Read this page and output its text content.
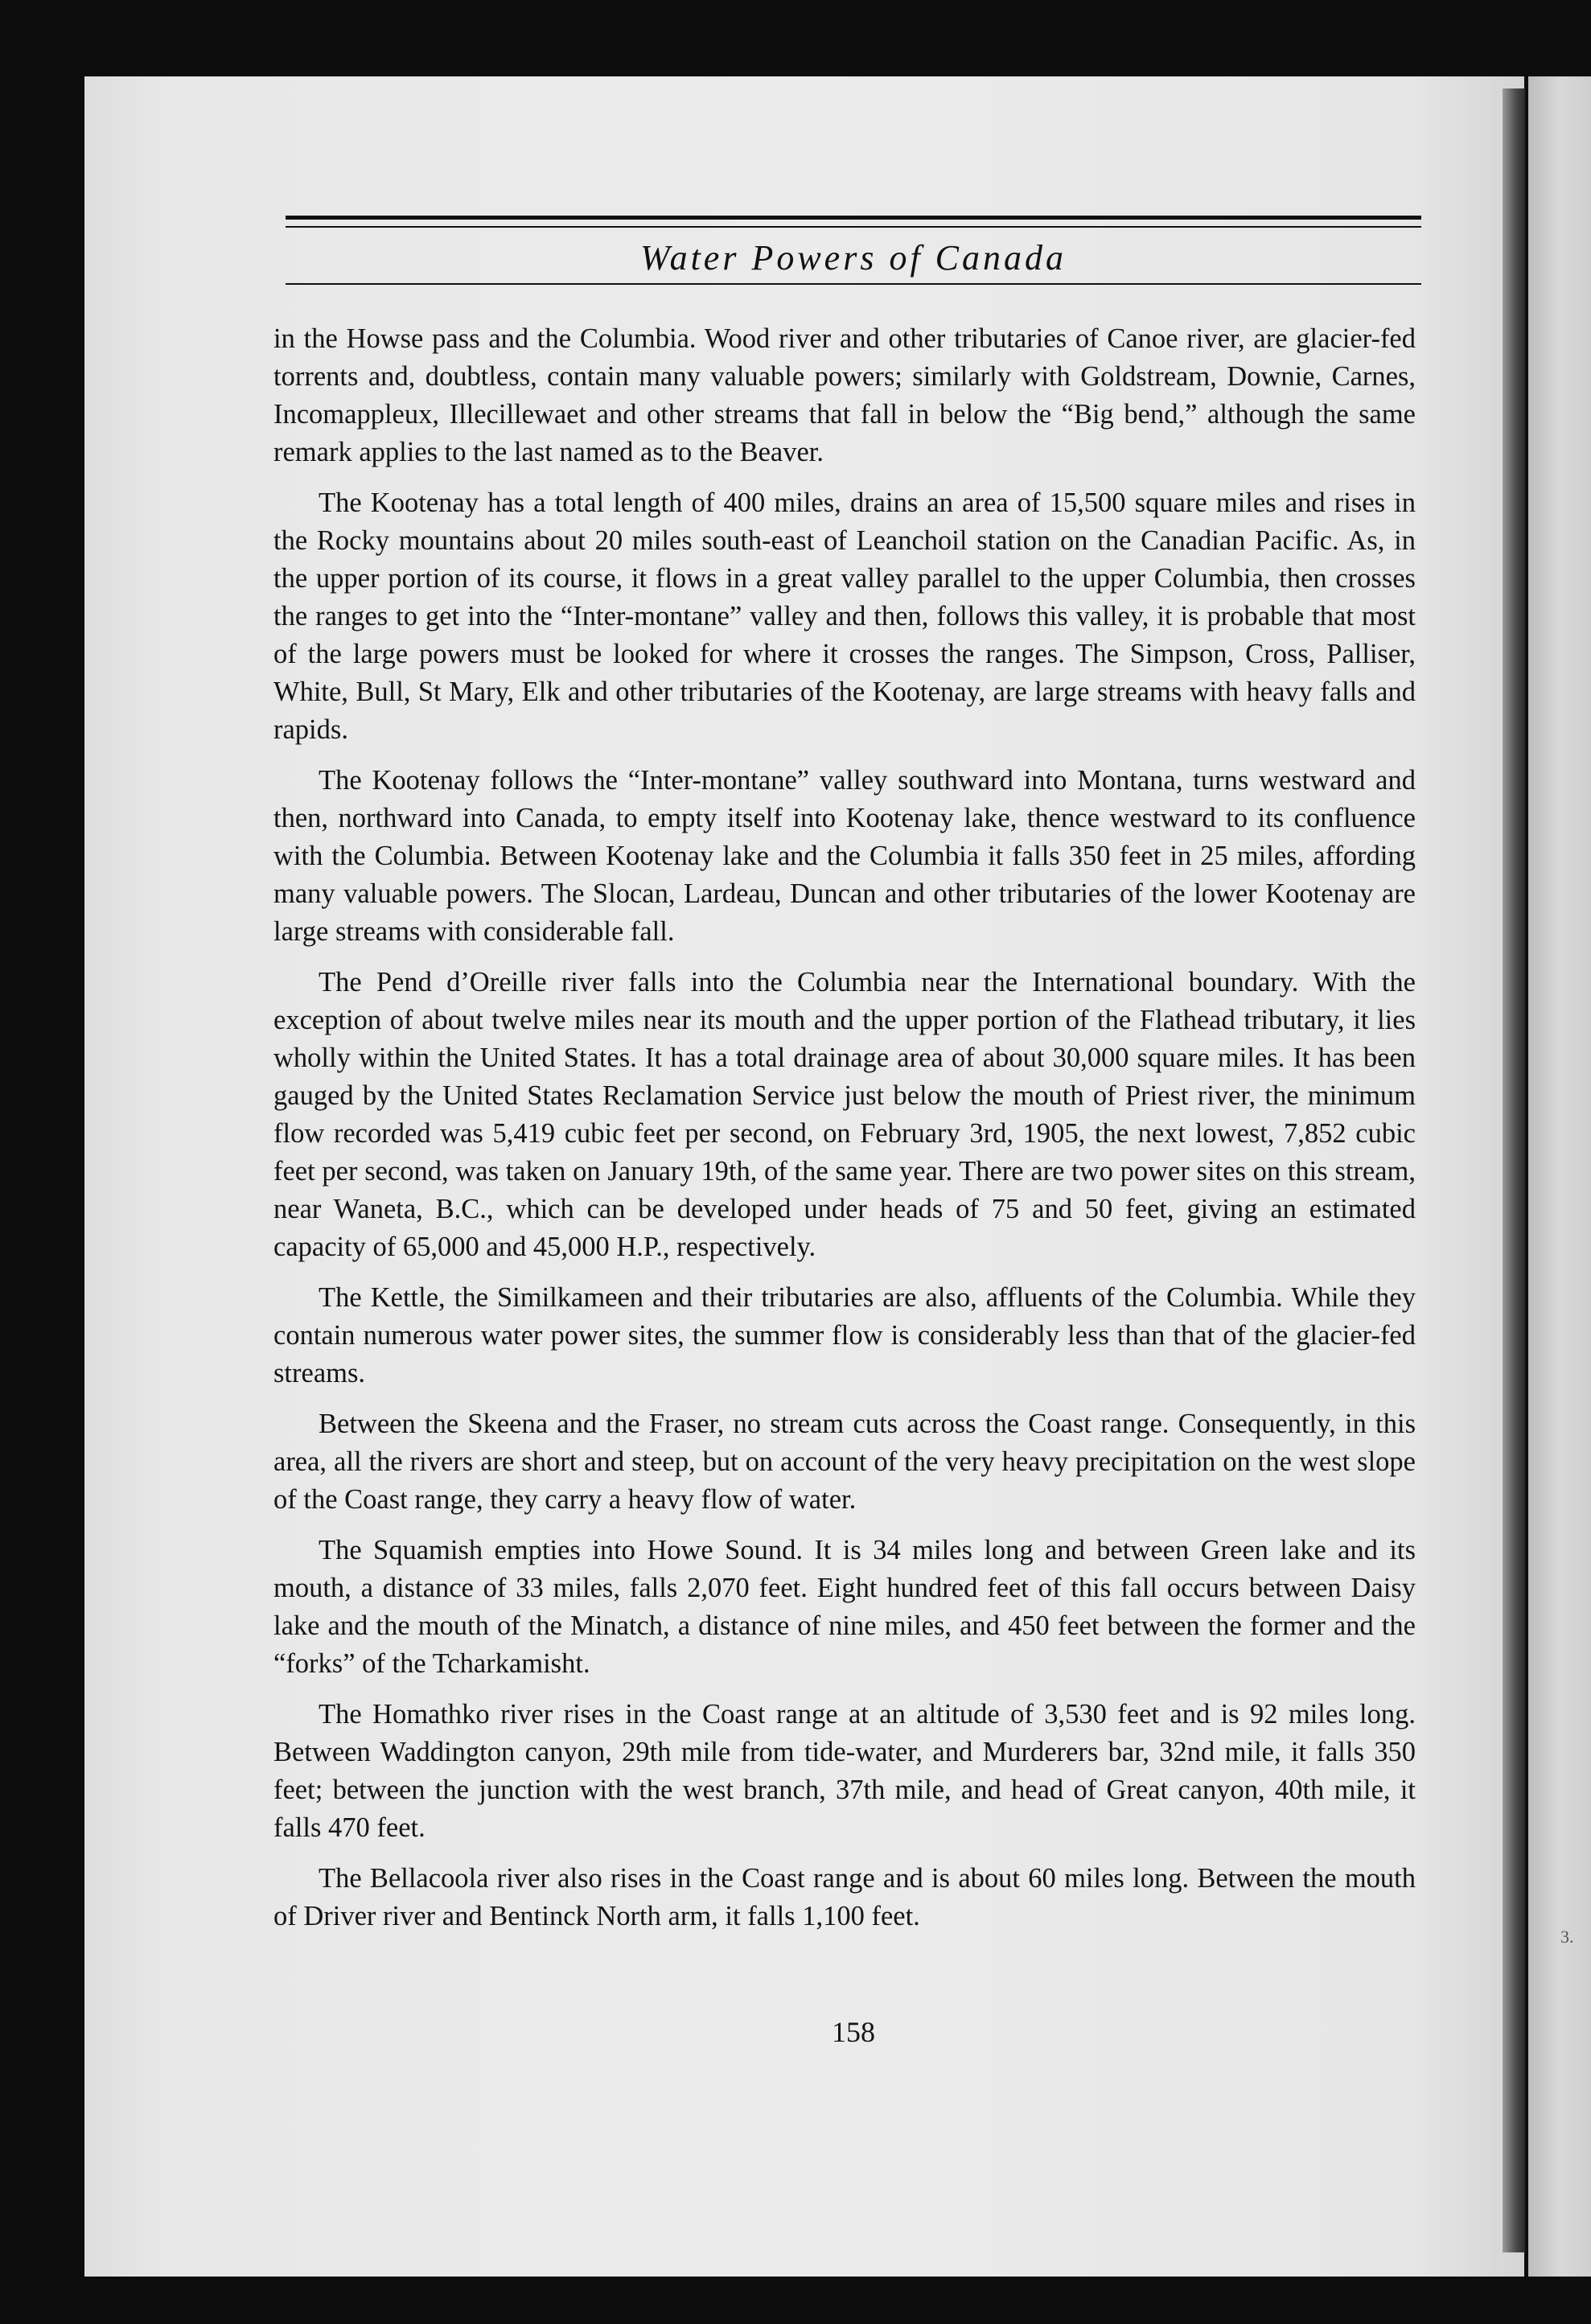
3.
Water Powers of Canada

in the Howse pass and the Columbia. Wood river and other tributaries of Canoe river, are glacier-fed torrents and, doubtless, contain many valuable powers; similarly with Goldstream, Downie, Carnes, Incomappleux, Illecillewaet and other streams that fall in below the “Big bend,” although the same remark applies to the last named as to the Beaver.

The Kootenay has a total length of 400 miles, drains an area of 15,500 square miles and rises in the Rocky mountains about 20 miles south-east of Leanchoil station on the Canadian Pacific. As, in the upper portion of its course, it flows in a great valley parallel to the upper Columbia, then crosses the ranges to get into the “Inter-montane” valley and then, follows this valley, it is probable that most of the large powers must be looked for where it crosses the ranges. The Simpson, Cross, Palliser, White, Bull, St Mary, Elk and other tributaries of the Kootenay, are large streams with heavy falls and rapids.

The Kootenay follows the “Inter-montane” valley southward into Montana, turns westward and then, northward into Canada, to empty itself into Kootenay lake, thence westward to its confluence with the Columbia. Between Kootenay lake and the Columbia it falls 350 feet in 25 miles, affording many valuable powers. The Slocan, Lardeau, Duncan and other tributaries of the lower Kootenay are large streams with considerable fall.

The Pend d’Oreille river falls into the Columbia near the International boundary. With the exception of about twelve miles near its mouth and the upper portion of the Flathead tributary, it lies wholly within the United States. It has a total drainage area of about 30,000 square miles. It has been gauged by the United States Reclamation Service just below the mouth of Priest river, the minimum flow recorded was 5,419 cubic feet per second, on February 3rd, 1905, the next lowest, 7,852 cubic feet per second, was taken on January 19th, of the same year. There are two power sites on this stream, near Waneta, B.C., which can be developed under heads of 75 and 50 feet, giving an estimated capacity of 65,000 and 45,000 H.P., respectively.

The Kettle, the Similkameen and their tributaries are also, affluents of the Columbia. While they contain numerous water power sites, the summer flow is considerably less than that of the glacier-fed streams.

Between the Skeena and the Fraser, no stream cuts across the Coast range. Consequently, in this area, all the rivers are short and steep, but on account of the very heavy precipitation on the west slope of the Coast range, they carry a heavy flow of water.

The Squamish empties into Howe Sound. It is 34 miles long and between Green lake and its mouth, a distance of 33 miles, falls 2,070 feet. Eight hundred feet of this fall occurs between Daisy lake and the mouth of the Minatch, a distance of nine miles, and 450 feet between the former and the “forks” of the Tcharkamisht.

The Homathko river rises in the Coast range at an altitude of 3,530 feet and is 92 miles long. Between Waddington canyon, 29th mile from tide-water, and Murderers bar, 32nd mile, it falls 350 feet; between the junction with the west branch, 37th mile, and head of Great canyon, 40th mile, it falls 470 feet.

The Bellacoola river also rises in the Coast range and is about 60 miles long. Between the mouth of Driver river and Bentinck North arm, it falls 1,100 feet.

158
